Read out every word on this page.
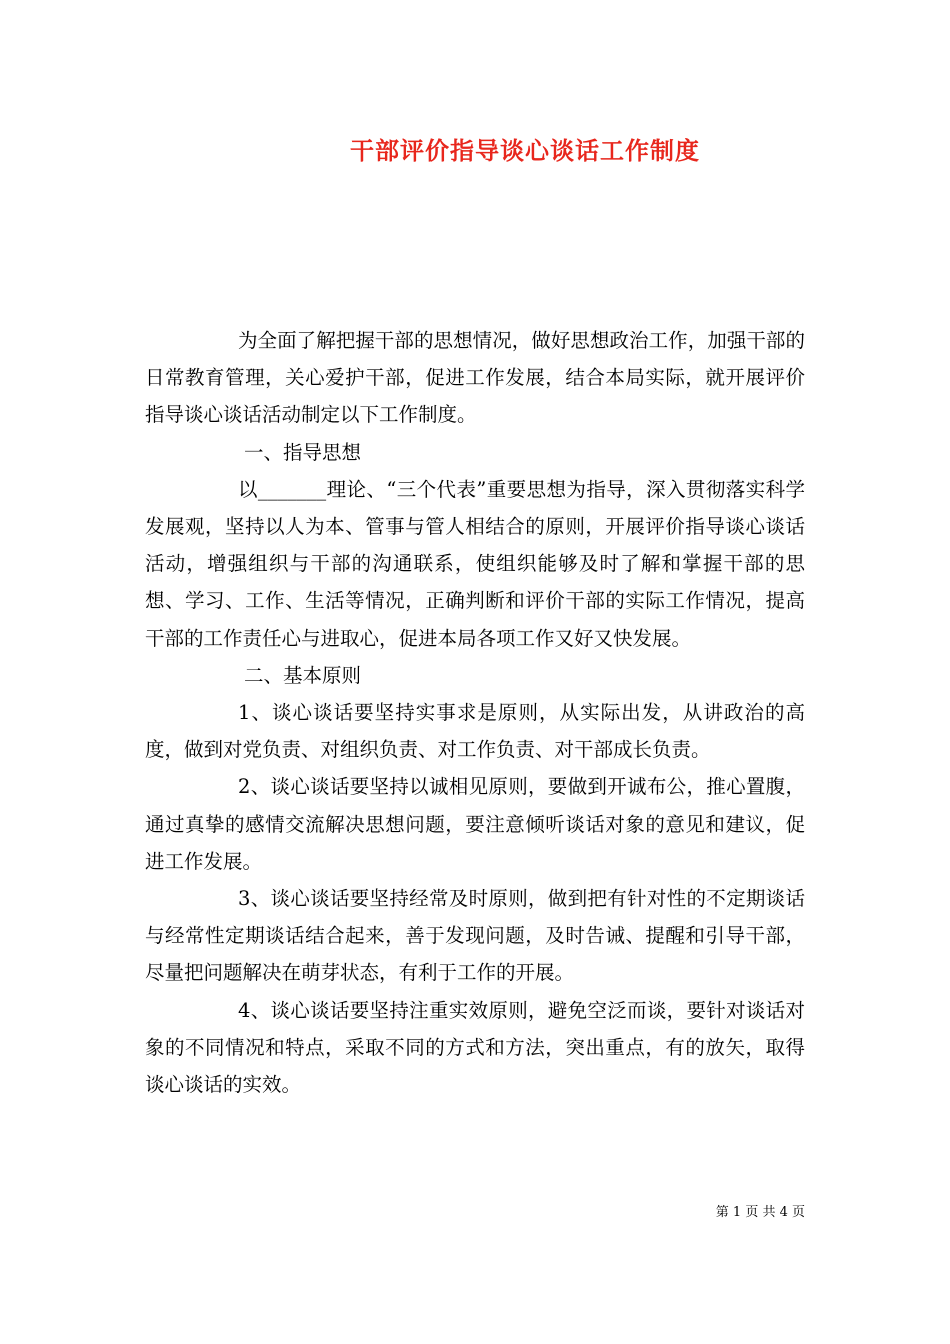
干部评价指导谈心谈话工作制度

为全面了解把握干部的思想情况，做好思想政治工作，加强干部的日常教育管理，关心爱护干部，促进工作发展，结合本局实际，就开展评价指导谈心谈话活动制定以下工作制度。

一、指导思想

以_______理论、“三个代表”重要思想为指导，深入贯彻落实科学发展观，坚持以人为本、管事与管人相结合的原则，开展评价指导谈心谈话活动，增强组织与干部的沟通联系，使组织能够及时了解和掌握干部的思想、学习、工作、生活等情况，正确判断和评价干部的实际工作情况，提高干部的工作责任心与进取心，促进本局各项工作又好又快发展。

二、基本原则

1、谈心谈话要坚持实事求是原则，从实际出发，从讲政治的高度，做到对党负责、对组织负责、对工作负责、对干部成长负责。

2、谈心谈话要坚持以诚相见原则，要做到开诚布公，推心置腹，通过真挚的感情交流解决思想问题，要注意倾听谈话对象的意见和建议，促进工作发展。

3、谈心谈话要坚持经常及时原则，做到把有针对性的不定期谈话与经常性定期谈话结合起来，善于发现问题，及时告诫、提醒和引导干部，尽量把问题解决在萌芽状态，有利于工作的开展。

4、谈心谈话要坚持注重实效原则，避免空泛而谈，要针对谈话对象的不同情况和特点，采取不同的方式和方法，突出重点，有的放矢，取得谈心谈话的实效。

第 1 页 共 4 页
